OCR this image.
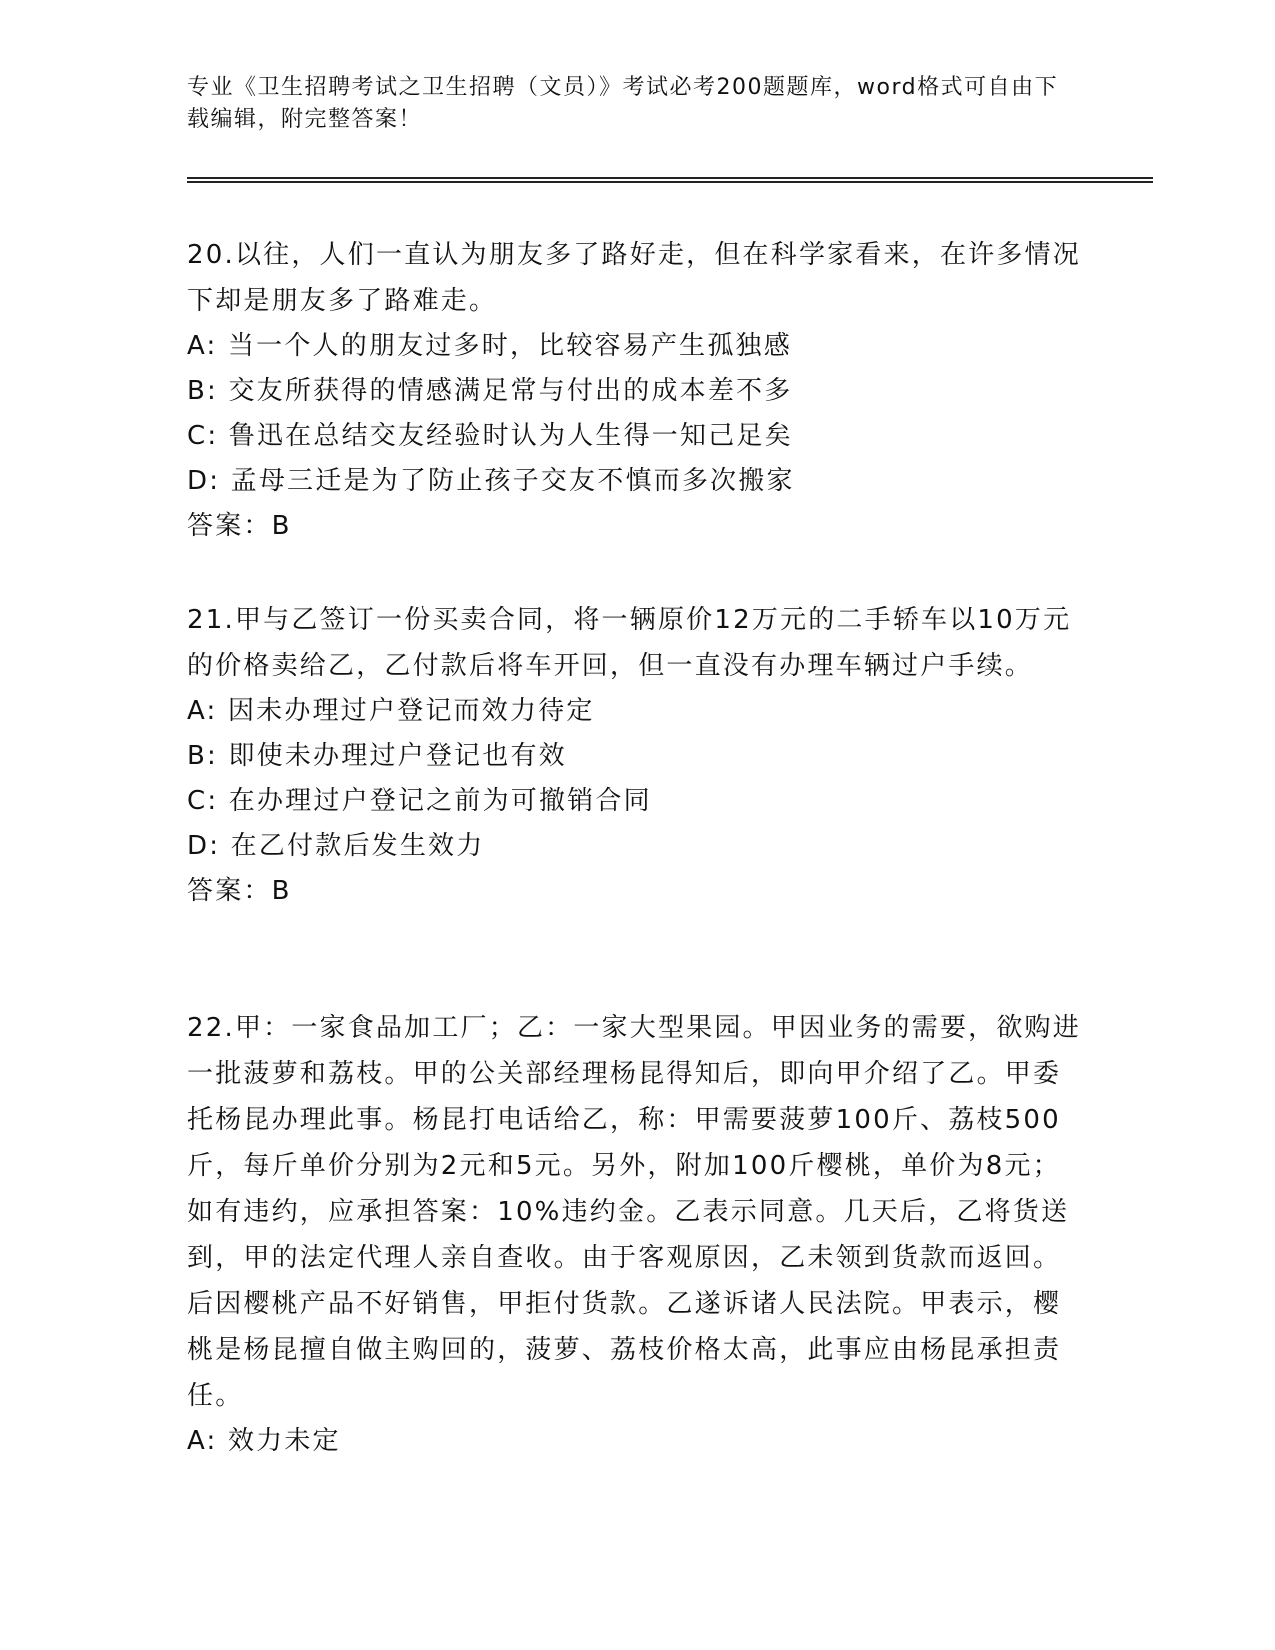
专业《卫生招聘考试之卫生招聘（文员）》考试必考200题题库，word格式可自由下载编辑，附完整答案！

20.以往，人们一直认为朋友多了路好走，但在科学家看来，在许多情况下却是朋友多了路难走。

A: 当一个人的朋友过多时，比较容易产生孤独感

B: 交友所获得的情感满足常与付出的成本差不多

C: 鲁迅在总结交友经验时认为人生得一知己足矣

D: 孟母三迁是为了防止孩子交友不慎而多次搬家

答案：B

21.甲与乙签订一份买卖合同，将一辆原价12万元的二手轿车以10万元的价格卖给乙，乙付款后将车开回，但一直没有办理车辆过户手续。

A: 因未办理过户登记而效力待定

B: 即使未办理过户登记也有效

C: 在办理过户登记之前为可撤销合同

D: 在乙付款后发生效力

答案：B

22.甲：一家食品加工厂；乙：一家大型果园。甲因业务的需要，欲购进一批菠萝和荔枝。甲的公关部经理杨昆得知后，即向甲介绍了乙。甲委托杨昆办理此事。杨昆打电话给乙，称：甲需要菠萝100斤、荔枝500斤，每斤单价分别为2元和5元。另外，附加100斤樱桃，单价为8元；如有违约，应承担答案：10%违约金。乙表示同意。几天后，乙将货送到，甲的法定代理人亲自查收。由于客观原因，乙未领到货款而返回。后因樱桃产品不好销售，甲拒付货款。乙遂诉诸人民法院。甲表示，樱桃是杨昆擅自做主购回的，菠萝、荔枝价格太高，此事应由杨昆承担责任。

A: 效力未定
